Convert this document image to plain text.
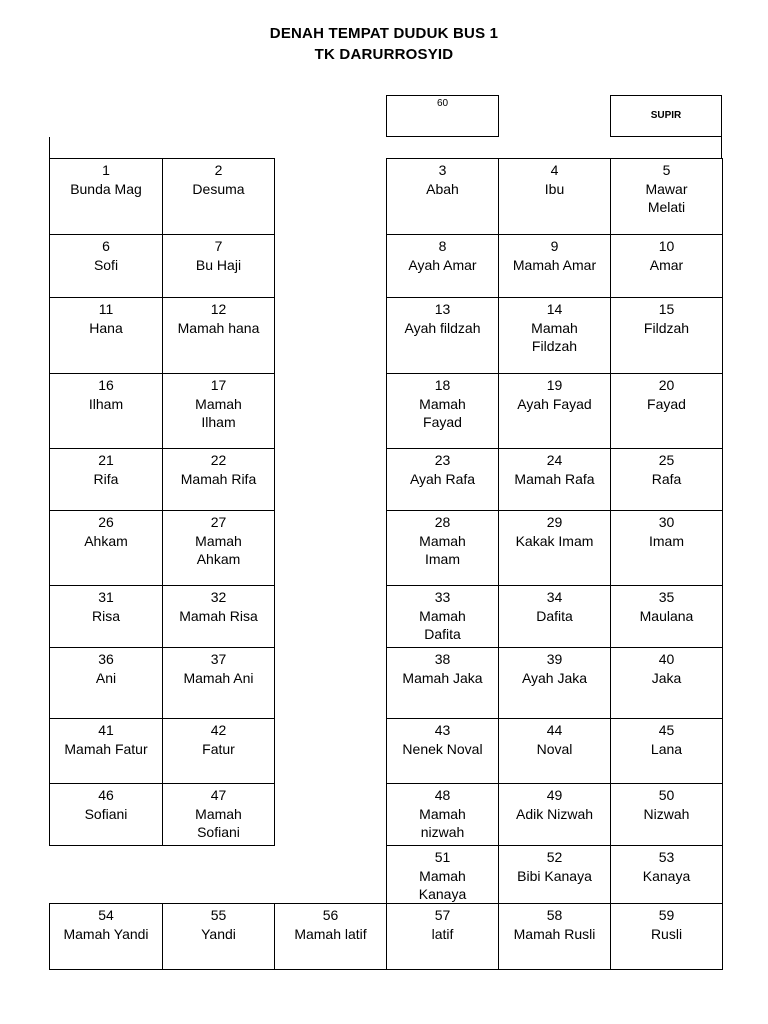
DENAH TEMPAT DUDUK BUS 1
TK DARURROSYID
60
SUPIR
1
Bunda Mag
2
Desuma
3
Abah
4
Ibu
5
Mawar Melati
6
Sofi
7
Bu Haji
8
Ayah Amar
9
Mamah Amar
10
Amar
11
Hana
12
Mamah hana
13
Ayah fildzah
14
Mamah Fildzah
15
Fildzah
16
Ilham
17
Mamah Ilham
18
Mamah Fayad
19
Ayah Fayad
20
Fayad
21
Rifa
22
Mamah Rifa
23
Ayah Rafa
24
Mamah Rafa
25
Rafa
26
Ahkam
27
Mamah Ahkam
28
Mamah Imam
29
Kakak Imam
30
Imam
31
Risa
32
Mamah Risa
33
Mamah Dafita
34
Dafita
35
Maulana
36
Ani
37
Mamah Ani
38
Mamah Jaka
39
Ayah Jaka
40
Jaka
41
Mamah Fatur
42
Fatur
43
Nenek Noval
44
Noval
45
Lana
46
Sofiani
47
Mamah Sofiani
48
Mamah nizwah
49
Adik Nizwah
50
Nizwah
51
Mamah Kanaya
52
Bibi Kanaya
53
Kanaya
54
Mamah Yandi
55
Yandi
56
Mamah latif
57
latif
58
Mamah Rusli
59
Rusli
